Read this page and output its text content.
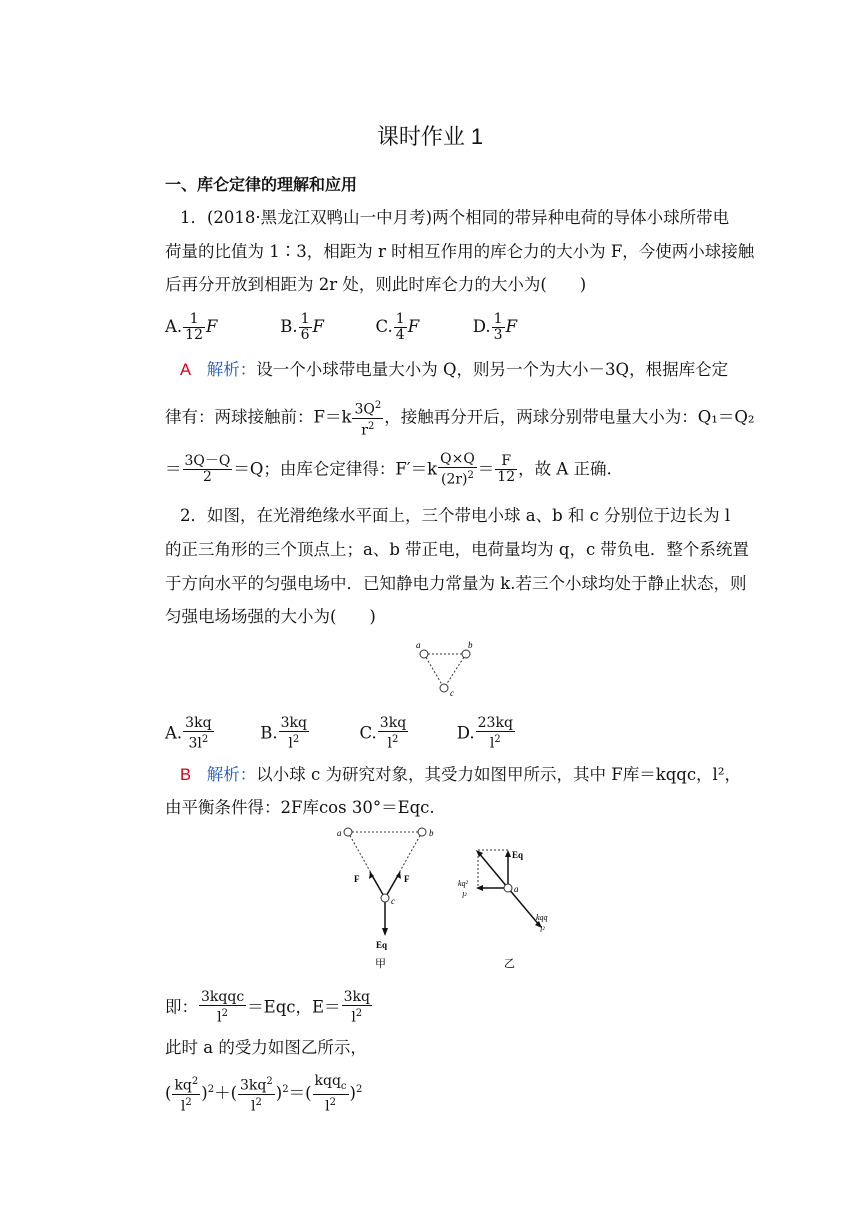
课时作业 1
一、库仑定律的理解和应用
1．(2018·黑龙江双鸭山一中月考)两个相同的带异种电荷的导体小球所带电
荷量的比值为 1∶3，相距为 r 时相互作用的库仑力的大小为 F，今使两小球接触
后再分开放到相距为 2r 处，则此时库仑力的大小为(　　)
A. $\frac{1}{12}$ F	B. $\frac{1}{6}$ F	C. $\frac{1}{4}$ F	D. $\frac{1}{3}$ F
A 解析：设一个小球带电量大小为 Q，则另一个为大小－3Q，根据库仑定
律有：两球接触前：$F=k \frac{3Q^2}{r^2}$ ，接触再分开后，两球分别带电量大小为：Q₁＝Q₂
＝ $\frac{3Q-Q}{2} =Q$；由库仑定律得：$F'=k \frac{Q\times Q}{(2r)^2} = \frac{F}{12}$ ，故 A 正确.
2．如图，在光滑绝缘水平面上，三个带电小球 a、b 和 c 分别位于边长为 l
的正三角形的三个顶点上；a、b 带正电，电荷量均为 q，c 带负电．整个系统置
于方向水平的匀强电场中．已知静电力常量为 k.若三个小球均处于静止状态，则
匀强电场场强的大小为(　　)
a	b
c
A. $\frac{3kq}{3l^2}$	B. $\frac{3kq}{l^2}$	C. $\frac{3kq}{l^2}$	D. $\frac{23kq}{l^2}$
B 解析：以小球 c 为研究对象，其受力如图甲所示，其中 F库＝kqqc，l²，
由平衡条件得：2F库cos 30°＝Eqc.
a	b
c
F	F
Eq
甲
a
Eq
kq²
l²
kqq
l²
乙
即： $\frac{\text{3kqqc}}{l^2} =Eqc$，$E= \frac{3kq}{l^2}$
此时 a 的受力如图乙所示，
( $\frac{kq^2}{l^2} )^2+( \frac{3kq^2}{l^2} )^2=( \frac{kqq_c}{l^2} )^2$
